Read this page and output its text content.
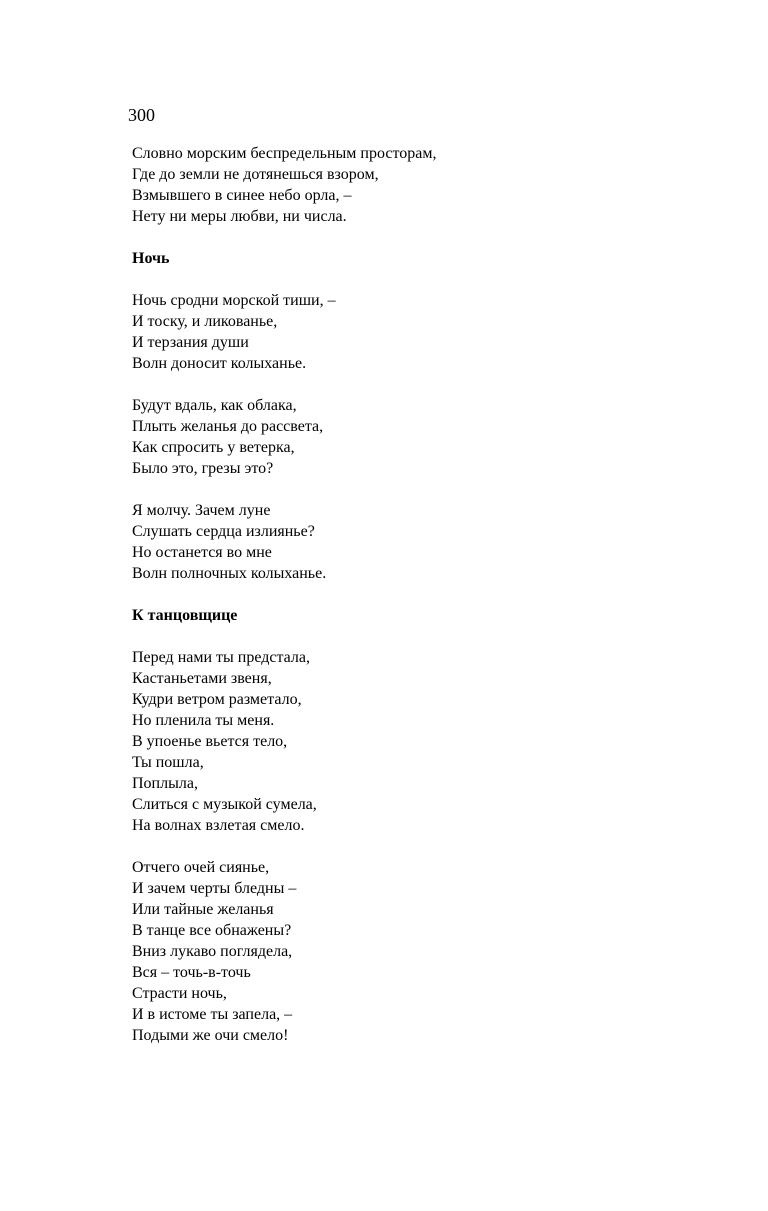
300
Словно морским беспредельным просторам,
Где до земли не дотянешься взором,
Взмывшего в синее небо орла, –
Нету ни меры любви, ни числа.
Ночь
Ночь сродни морской тиши, –
И тоску, и ликованье,
И терзания души
Волн доносит колыханье.
Будут вдаль, как облака,
Плыть желанья до рассвета,
Как спросить у ветерка,
Было это, грезы это?
Я молчу. Зачем луне
Слушать сердца излиянье?
Но останется во мне
Волн полночных колыханье.
К танцовщице
Перед нами ты предстала,
Кастаньетами звеня,
Кудри ветром разметало,
Но пленила ты меня.
В упоенье вьется тело,
Ты пошла,
Поплыла,
Слиться с музыкой сумела,
На волнах взлетая смело.
Отчего очей сиянье,
И зачем черты бледны –
Или тайные желанья
В танце все обнажены?
Вниз лукаво поглядела,
Вся – точь-в-точь
Страсти ночь,
И в истоме ты запела, –
Подыми же очи смело!
